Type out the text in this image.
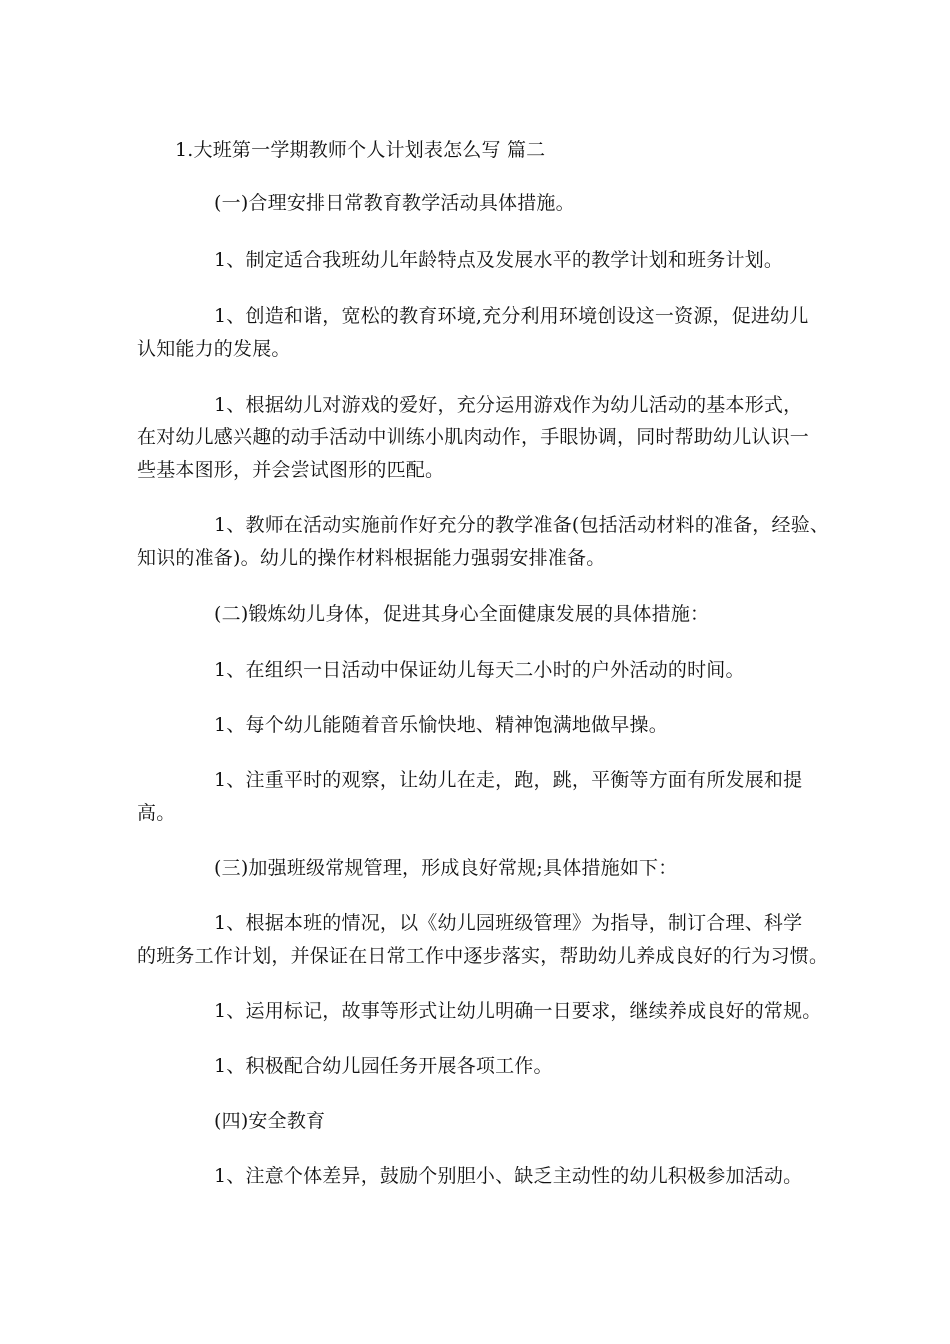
1.大班第一学期教师个人计划表怎么写 篇二
(一)合理安排日常教育教学活动具体措施。
1、制定适合我班幼儿年龄特点及发展水平的教学计划和班务计划。
1、创造和谐，宽松的教育环境,充分利用环境创设这一资源，促进幼儿
认知能力的发展。
1、根据幼儿对游戏的爱好，充分运用游戏作为幼儿活动的基本形式，
在对幼儿感兴趣的动手活动中训练小肌肉动作，手眼协调，同时帮助幼儿认识一
些基本图形，并会尝试图形的匹配。
1、教师在活动实施前作好充分的教学准备(包括活动材料的准备，经验、
知识的准备)。幼儿的操作材料根据能力强弱安排准备。
(二)锻炼幼儿身体，促进其身心全面健康发展的具体措施：
1、在组织一日活动中保证幼儿每天二小时的户外活动的时间。
1、每个幼儿能随着音乐愉快地、精神饱满地做早操。
1、注重平时的观察，让幼儿在走，跑，跳，平衡等方面有所发展和提
高。
(三)加强班级常规管理，形成良好常规;具体措施如下：
1、根据本班的情况，以《幼儿园班级管理》为指导，制订合理、科学
的班务工作计划，并保证在日常工作中逐步落实，帮助幼儿养成良好的行为习惯。
1、运用标记，故事等形式让幼儿明确一日要求，继续养成良好的常规。
1、积极配合幼儿园任务开展各项工作。
(四)安全教育
1、注意个体差异，鼓励个别胆小、缺乏主动性的幼儿积极参加活动。
